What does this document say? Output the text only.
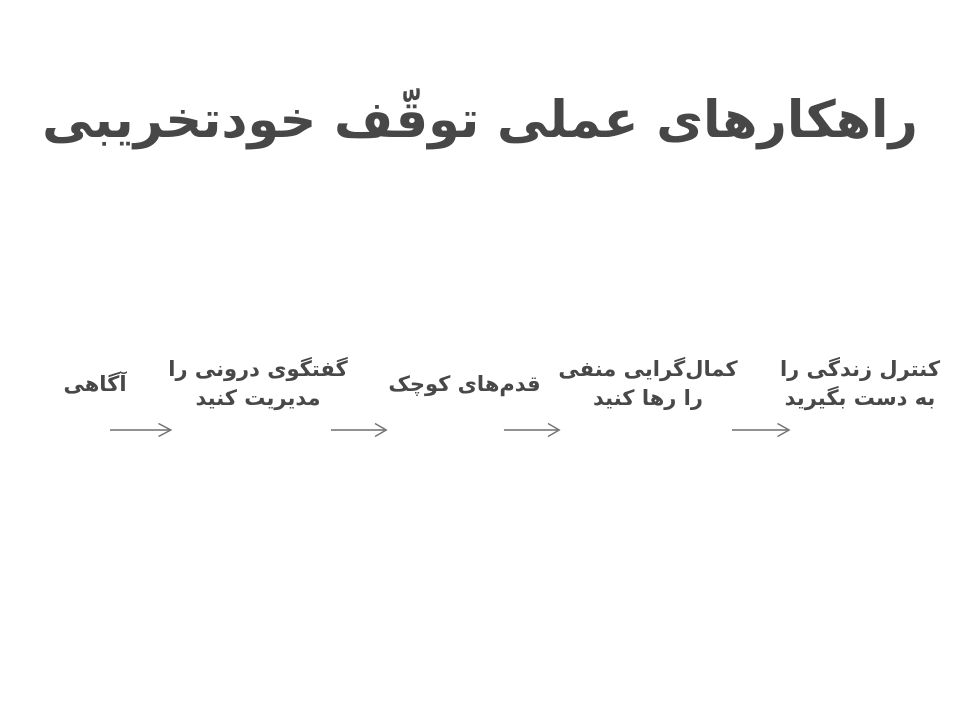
راهکارهای عملی توقّف خودتخریبی
آگاهی
گفتگوی درونی را
مدیریت کنید
قدم‌های کوچک
کمال‌گرایی منفی
را رها کنید
کنترل زندگی را
به دست بگیرید
